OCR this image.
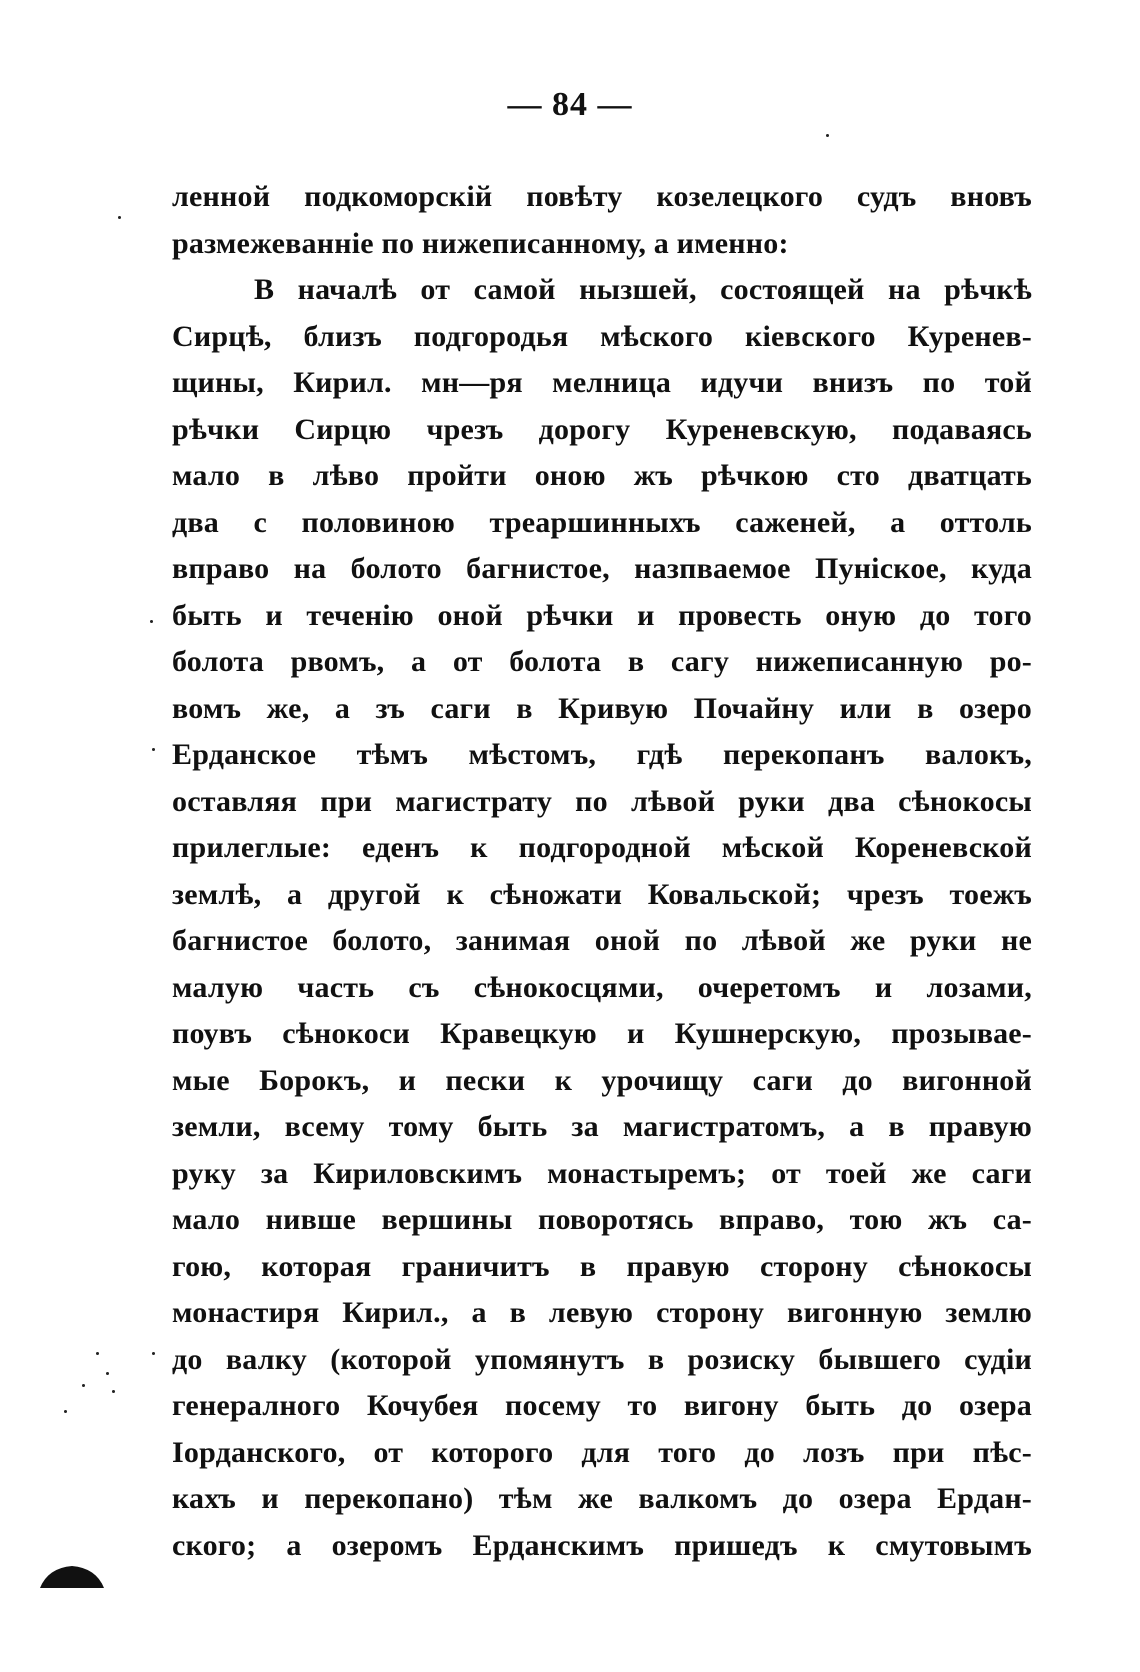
— 84 —
ленной подкоморскій повѣту козелецкого судъ вновъ
размежеванніе по нижеписанному, а именно:
В началѣ от самой нызшей, состоящей на рѣчкѣ
Сирцѣ, близъ подгородья мѣского кіевскoго Куренев-
щины, Кирил. мн—ря мелница идучи внизъ по той
рѣчки Сирцю чрезъ дорогу Куреневскую, подаваясь
мало в лѣво пройти оною жъ рѣчкою сто дватцать
два с половиною треаршинныхъ саженей, а оттоль
вправо на болото багнистое, назпваемое Пунiское, куда
быть и теченію оной рѣчки и провесть оную до того
болота рвомъ, а от болота в сагу нижеписанную ро-
вомъ же, а зъ саги в Кривую Почайну или в озеро
Ерданское тѣмъ мѣстомъ, гдѣ перекопанъ валокъ,
оставляя при магистрату по лѣвой руки два сѣнокосы
прилеглые: еденъ к подгородной мѣской Кореневской
землѣ, а другой к сѣножати Ковальской; чрезъ тоежъ
багнистое болото, занимая оной по лѣвой же руки не
малую часть съ сѣнокосцями, очеретомъ и лозами,
поувъ сѣнокоси Кравецкую и Кушнерскую, прозывае-
мые Борокъ, и пески к урочищу саги до вигонной
земли, всему тому быть за магистратомъ, а в правую
руку за Кириловскимъ монастыремъ; от тоей же саги
мало нивше вершины поворотясь вправо, тою жъ са-
гою, которая граничитъ в правую сторону сѣнокосы
монастиря Кирил., а в левую сторону вигонную землю
до валку (которой упомянутъ в розиску бывшего судіи
генералного Кочубея посему то вигону быть до озера
Іорданского, от которого для того до лозъ при пѣс-
кахъ и перекопано) тѣм же валкомъ до озера Ердан-
ского; а озеромъ Ерданскимъ пришедъ к смутовымъ
